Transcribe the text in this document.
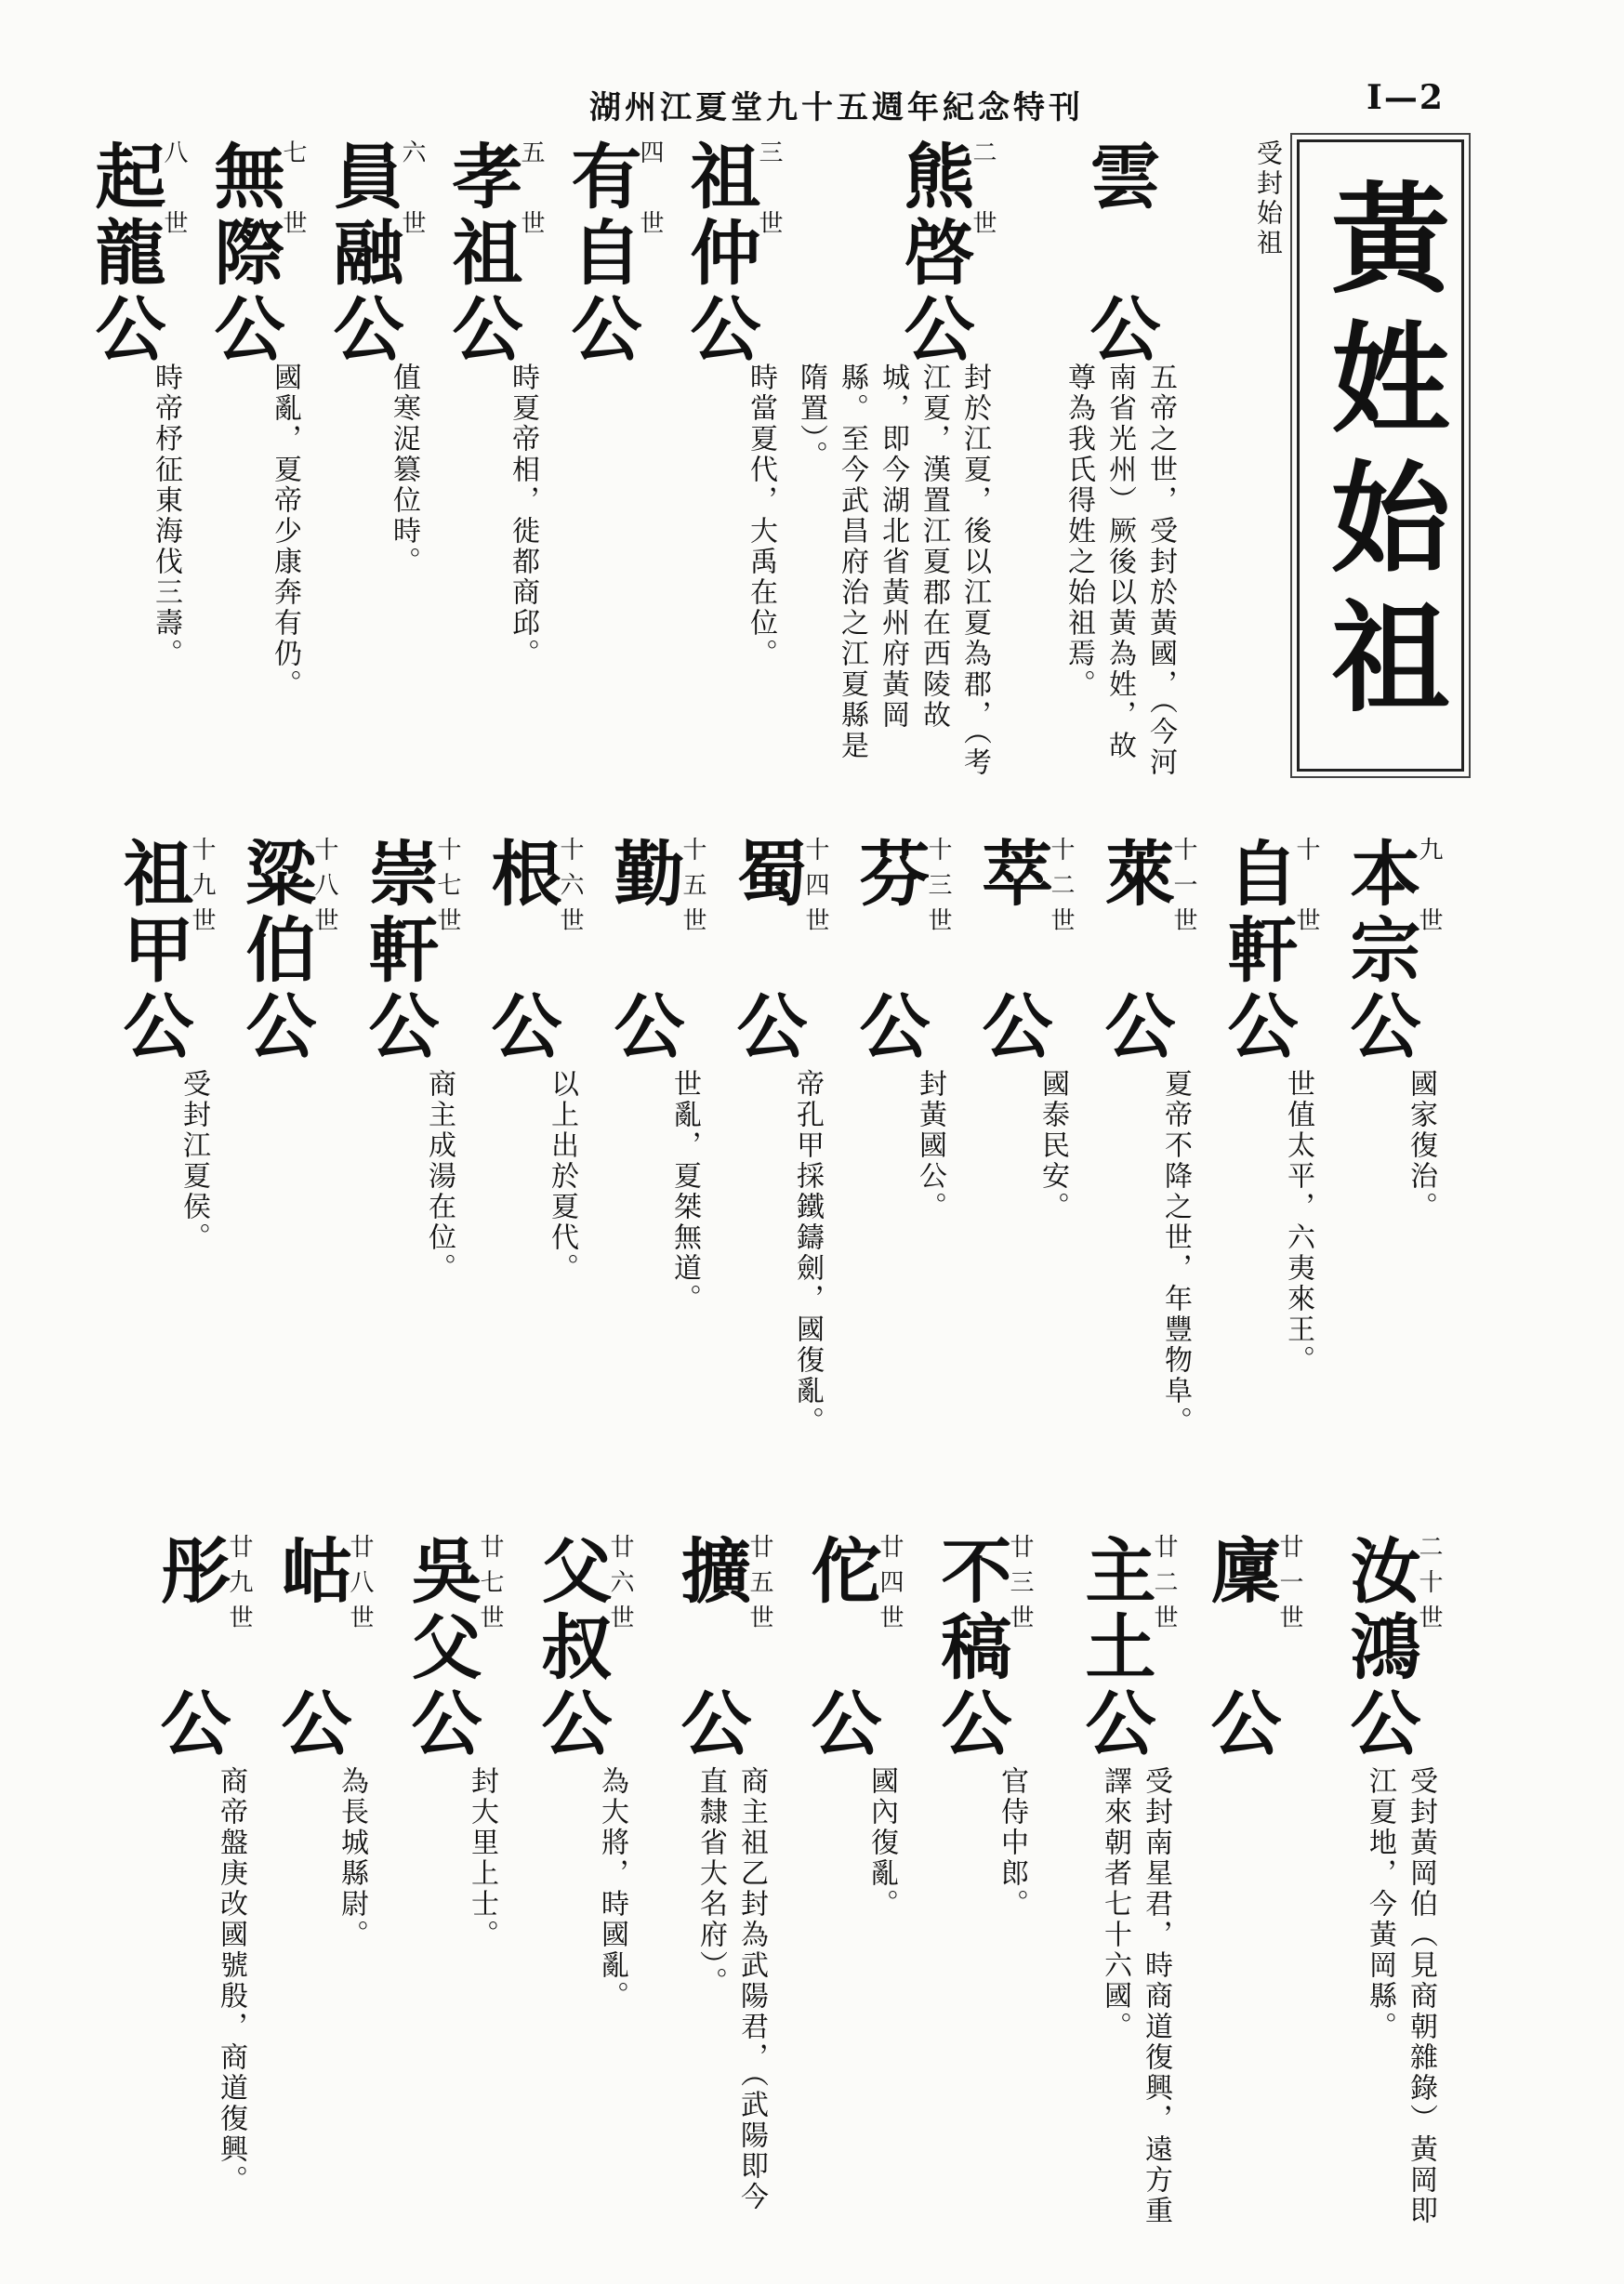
湖州江夏堂九十五週年紀念特刊	I—2
黃姓始祖
受封始祖
雲　公
五帝之世，受封於黃國，（今河南省光州）厥後以黃為姓，故尊為我氏得姓之始祖焉。
二　世
熊啓公
封於江夏，後以江夏為郡，（考江夏，漢置江夏郡在西陵故城，即今湖北省黃州府黃岡縣。至今武昌府治之江夏縣是隋置）。
三　世
祖仲公
時當夏代，大禹在位。
四　世
有自公
五　世
孝祖公
時夏帝相，徙都商邱。
六　世
員融公
值寒浞篡位時。
七　世
無際公
國亂，夏帝少康奔有仍。
八　世
起龍公
時帝杼征東海伐三壽。
九　世
本宗公
國家復治。
十　世
自軒公
世值太平，六夷來王。
十一世
萊　公
夏帝不降之世，年豐物阜。
十二世
萃　公
國泰民安。
十三世
芬　公
封黃國公。
十四世
蜀　公
帝孔甲採鐵鑄劍，國復亂。
十五世
勤　公
世亂，夏桀無道。
十六世
根　公
以上出於夏代。
十七世
崇軒公
商主成湯在位。
十八世
粱伯公
十九世
祖甲公
受封江夏侯。
二十世
汝鴻公
受封黃岡伯（見商朝雜錄）黃岡即江夏地，今黃岡縣。
廿一世
廩　公
廿二世
主土公
受封南星君，時商道復興，遠方重譯來朝者七十六國。
廿三世
不稿公
官侍中郎。
廿四世
佗　公
國內復亂。
廿五世
擴　公
商主祖乙封為武陽君，（武陽即今直隸省大名府）。
廿六世
父叔公
為大將，時國亂。
廿七世
吳父公
封大里上士。
廿八世
岵　公
為長城縣尉。
廿九世
彤　公
商帝盤庚改國號殷，商道復興。
